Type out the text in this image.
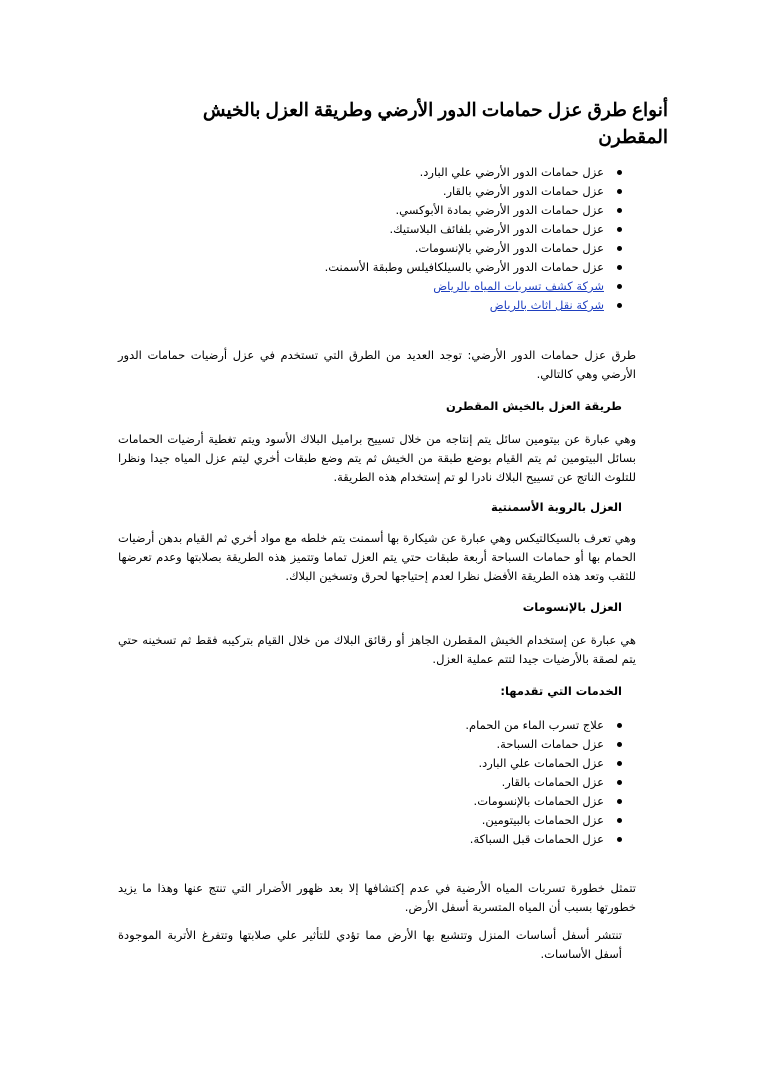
أنواع طرق عزل حمامات الدور الأرضي وطريقة العزل بالخيش المقطرن
عزل حمامات الدور الأرضي علي البارد.
عزل حمامات الدور الأرضي بالقار.
عزل حمامات الدور الأرضي بمادة الأبوكسي.
عزل حمامات الدور الأرضي بلفائف البلاستيك.
عزل حمامات الدور الأرضي بالإنسومات.
عزل حمامات الدور الأرضي بالسيلكافيلس وطبقة الأسمنت.
شركة كشف تسربات المياه بالرياض
شركة نقل اثاث بالرياض

طرق عزل حمامات الدور الأرضي: توجد العديد من الطرق التي تستخدم في عزل أرضيات حمامات الدور الأرضي وهي كالتالي.

طريقة العزل بالخيش المقطرن

وهي عبارة عن بيتومين سائل يتم إنتاجه من خلال تسييح براميل البلاك الأسود ويتم تغطية أرضيات الحمامات بسائل البيتومين ثم يتم القيام بوضع طبقة من الخيش ثم يتم وضع طبقات أخري ليتم عزل المياه جيدا ونظرا للتلوث الناتج عن تسييح البلاك نادرا لو تم إستخدام هذه الطريقة.

العزل بالروبة الأسمنتية

وهي تعرف بالسيكالتيكس وهي عبارة عن شيكارة بها أسمنت يتم خلطه مع مواد أخري ثم القيام بدهن أرضيات الحمام بها أو حمامات السباحة أربعة طبقات حتي يتم العزل تماما وتتميز هذه الطريقة بصلابتها وعدم تعرضها للثقب وتعد هذه الطريقة الأفضل نظرا لعدم إحتياجها لحرق وتسخين البلاك.

العزل بالإنسومات

هي عبارة عن إستخدام الخيش المقطرن الجاهز أو رقائق البلاك من خلال القيام بتركيبه فقط ثم تسخينه حتي يتم لصقة بالأرضيات جيدا لتتم عملية العزل.

الخدمات التي تقدمها:

علاج تسرب الماء من الحمام.
عزل حمامات السباحة.
عزل الحمامات علي البارد.
عزل الحمامات بالقار.
عزل الحمامات بالإنسومات.
عزل الحمامات بالبيتومين.
عزل الحمامات قبل السباكة.

تتمثل خطورة تسربات المياه الأرضية في عدم إكتشافها إلا بعد ظهور الأضرار التي تنتج عنها وهذا ما يزيد خطورتها بسبب أن المياه المتسربة أسفل الأرض.

تنتشر أسفل أساسات المنزل وتتشبع بها الأرض مما تؤدي للتأثير علي صلابتها وتتفرغ الأتربة الموجودة أسفل الأساسات.
